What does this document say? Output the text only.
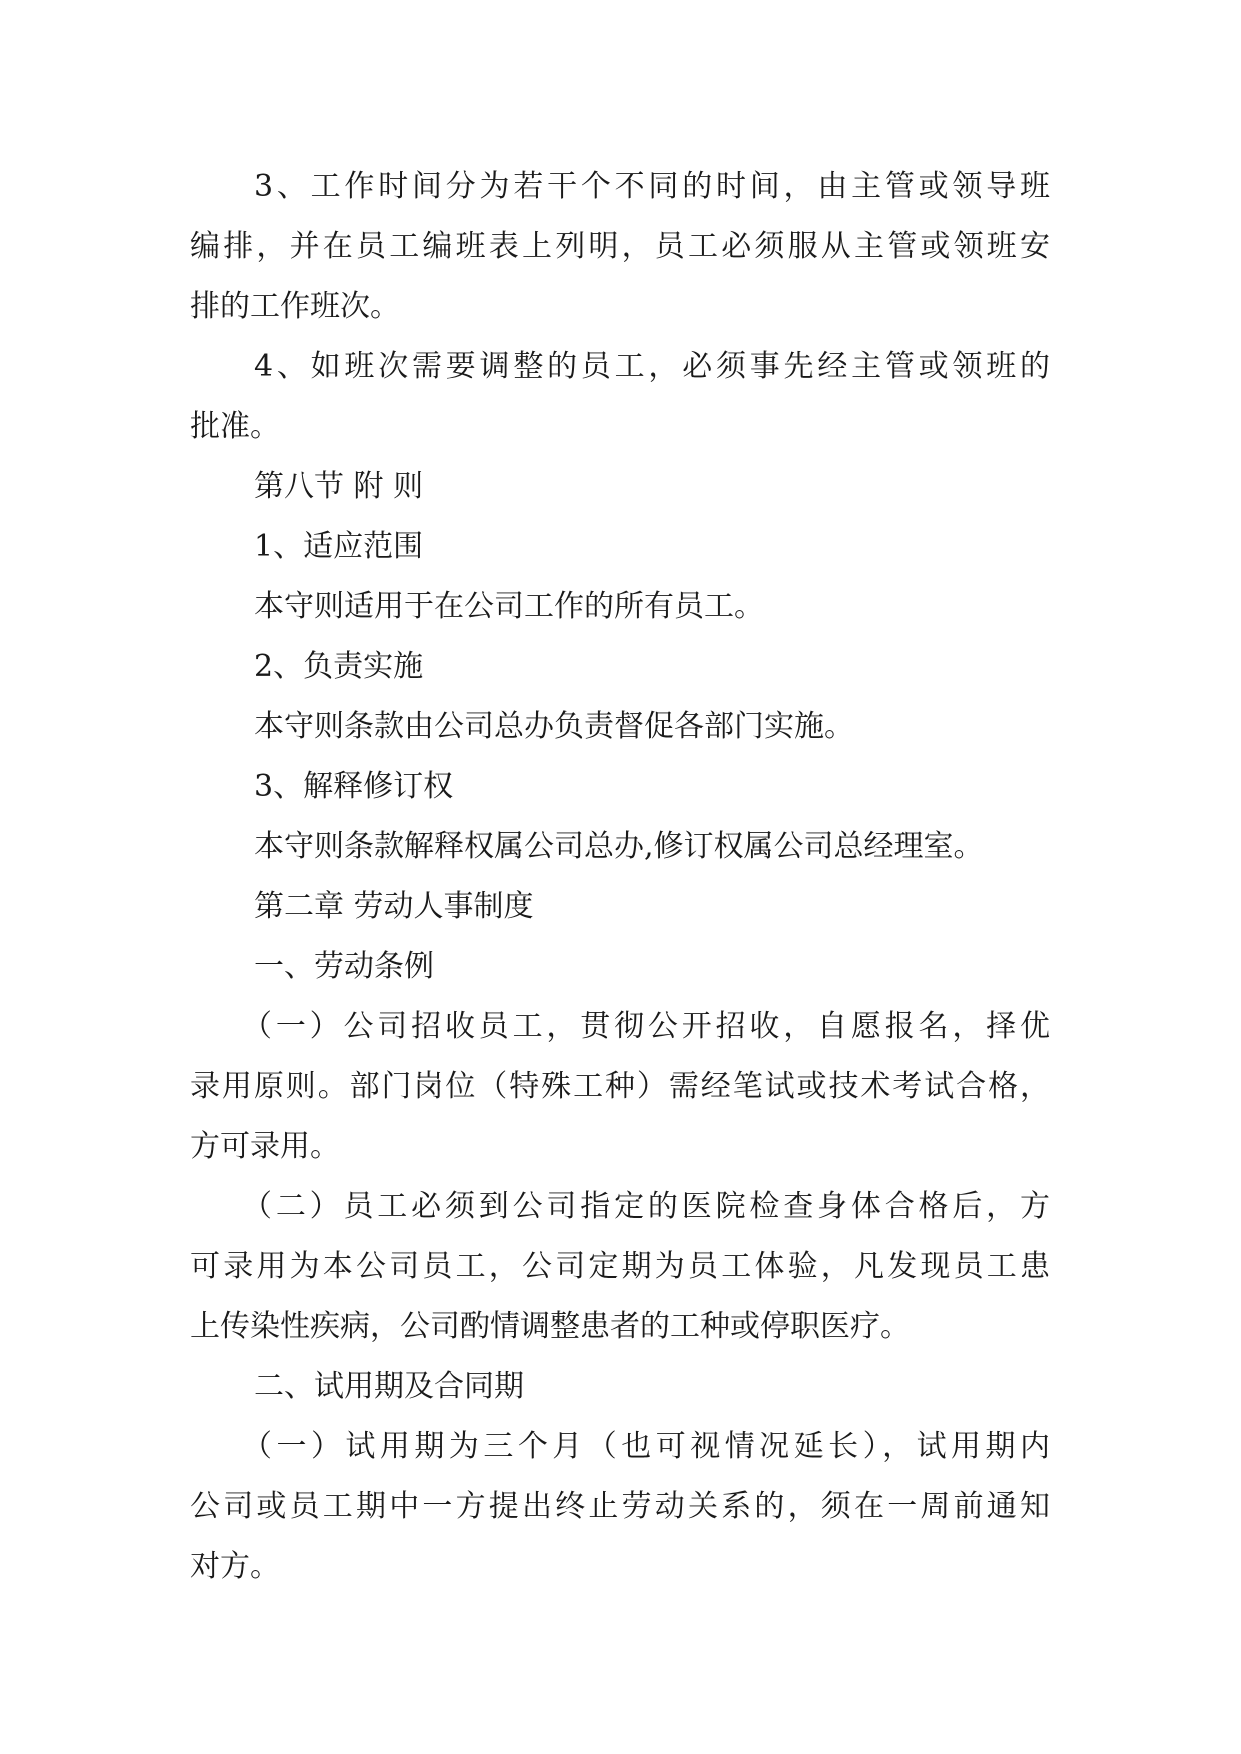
3、工作时间分为若干个不同的时间，由主管或领导班
编排，并在员工编班表上列明，员工必须服从主管或领班安
排的工作班次。
4、如班次需要调整的员工，必须事先经主管或领班的
批准。
第八节 附 则
1、适应范围
本守则适用于在公司工作的所有员工。
2、负责实施
本守则条款由公司总办负责督促各部门实施。
3、解释修订权
本守则条款解释权属公司总办,修订权属公司总经理室。
第二章 劳动人事制度
一、劳动条例
（一）公司招收员工，贯彻公开招收，自愿报名，择优
录用原则。部门岗位（特殊工种）需经笔试或技术考试合格，
方可录用。
（二）员工必须到公司指定的医院检查身体合格后，方
可录用为本公司员工，公司定期为员工体验，凡发现员工患
上传染性疾病，公司酌情调整患者的工种或停职医疗。
二、试用期及合同期
（一）试用期为三个月（也可视情况延长），试用期内
公司或员工期中一方提出终止劳动关系的，须在一周前通知
对方。
